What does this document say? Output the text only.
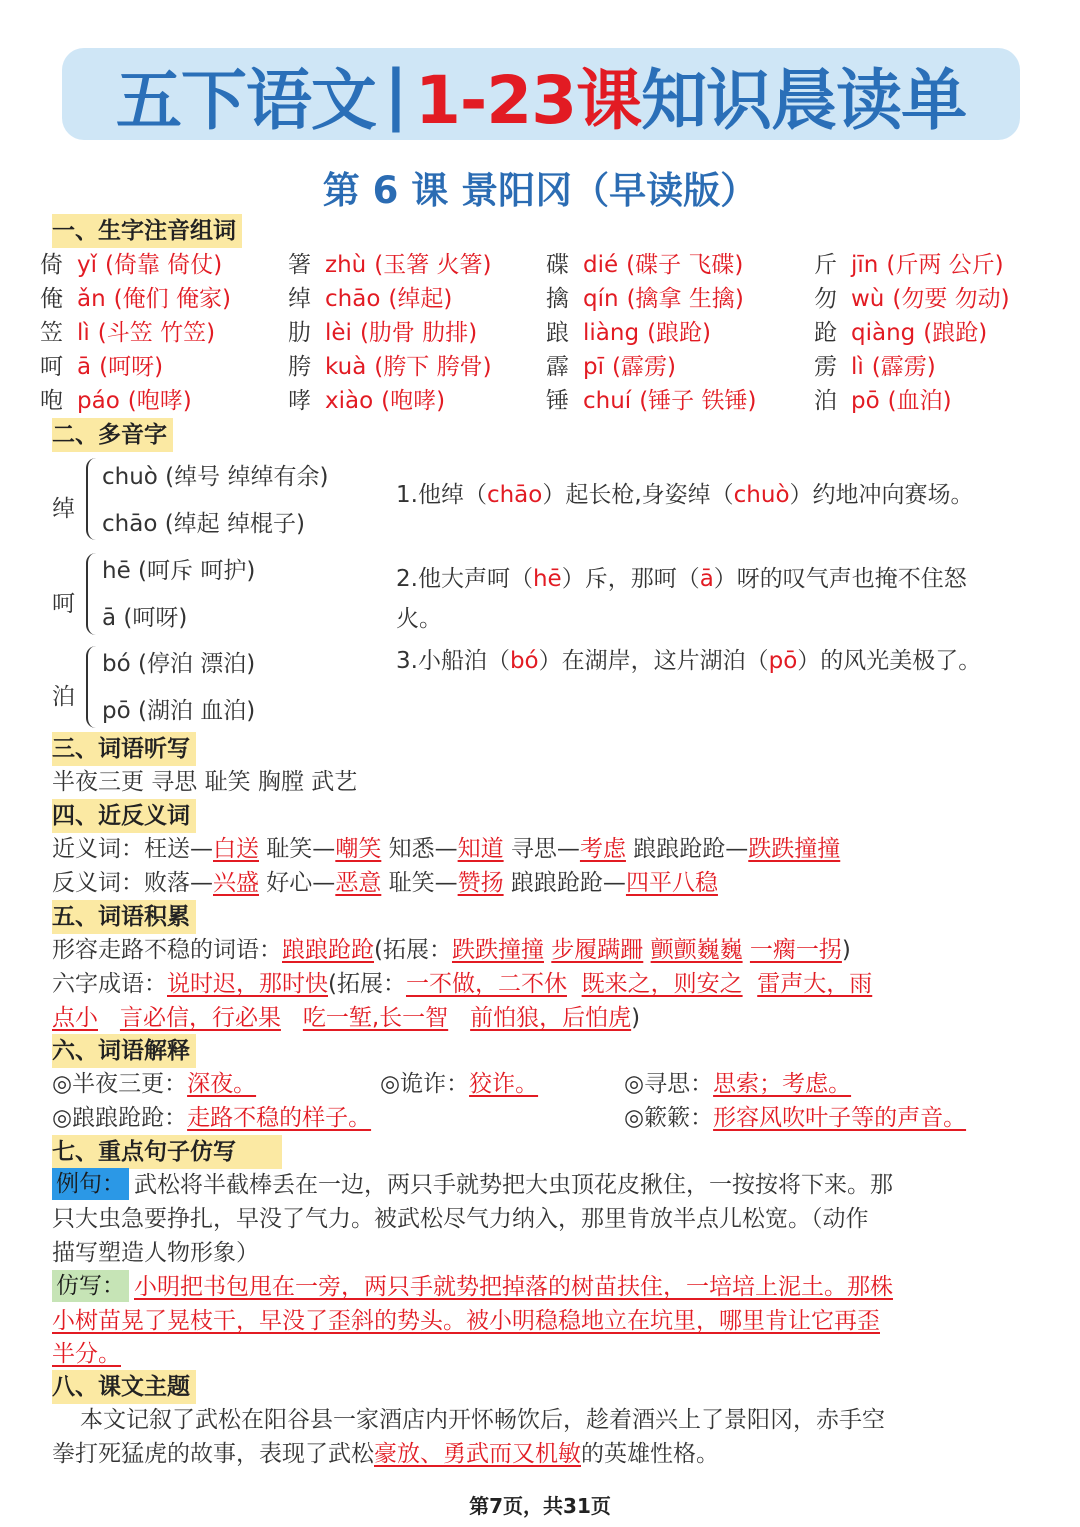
五下语文 | 1-23课 知识晨读单
第 6 课 景阳冈（早读版）
一、生字注音组词
倚 yǐ (倚靠 倚仗)	箸 zhù (玉箸 火箸) 碟 dié (碟子 飞碟)	斤 jīn (斤两 公斤)
俺 ǎn (俺们 俺家) 绰 chāo (绰起)	擒 qín (擒拿 生擒)	勿 wù (勿要 勿动)
笠 lì (斗笠 竹笠)	肋 lèi (肋骨 肋排)	踉 liàng (踉跄)	跄 qiàng (踉跄)
呵 ā (呵呀)	胯 kuà (胯下 胯骨) 霹 pī (霹雳)	雳 lì (霹雳)
咆 páo (咆哮)	哮 xiào (咆哮)	锤 chuí (锤子 铁锤)	泊 pō (血泊)
二、多音字
绰
chuò (绰号 绰绰有余)
chāo (绰起 绰棍子)
呵
hē (呵斥 呵护)
ā (呵呀)
泊
bó (停泊 漂泊)
pō (湖泊 血泊)
1.他绰（chāo）起长枪,身姿绰（chuò）约地冲向赛场。
2.他大声呵（hē）斥，那呵（ā）呀的叹气声也掩不住怒
火。
3.小船泊（bó）在湖岸，这片湖泊（pō）的风光美极了。
三、词语听写
半夜三更 寻思 耻笑 胸膛 武艺
四、近反义词
近义词：枉送—白送 耻笑—嘲笑 知悉—知道 寻思—考虑 踉踉跄跄—跌跌撞撞
反义词：败落—兴盛 好心—恶意 耻笑—赞扬 踉踉跄跄—四平八稳
五、词语积累
形容走路不稳的词语：踉踉跄跄(拓展：跌跌撞撞 步履蹒跚 颤颤巍巍 一瘸一拐)
六字成语：说时迟，那时快(拓展：一不做，二不休 既来之，则安之 雷声大，雨
点小 言必信，行必果 吃一堑,长一智 前怕狼，后怕虎)
六、词语解释
◎半夜三更：深夜。	◎诡诈：狡诈。	◎寻思：思索；考虑。
◎踉踉跄跄：走路不稳的样子。	◎簌簌：形容风吹叶子等的声音。
七、重点句子仿写
例句： 武松将半截棒丢在一边，两只手就势把大虫顶花皮揪住，一按按将下来。那
只大虫急要挣扎，早没了气力。被武松尽气力纳入，那里肯放半点儿松宽。（动作
描写塑造人物形象）
仿写： 小明把书包甩在一旁，两只手就势把掉落的树苗扶住，一培培上泥土。那株
小树苗晃了晃枝干，早没了歪斜的势头。被小明稳稳地立在坑里，哪里肯让它再歪
半分。
八、课文主题
本文记叙了武松在阳谷县一家酒店内开怀畅饮后，趁着酒兴上了景阳冈，赤手空
拳打死猛虎的故事，表现了武松豪放、勇武而又机敏的英雄性格。
第7页，共31页
